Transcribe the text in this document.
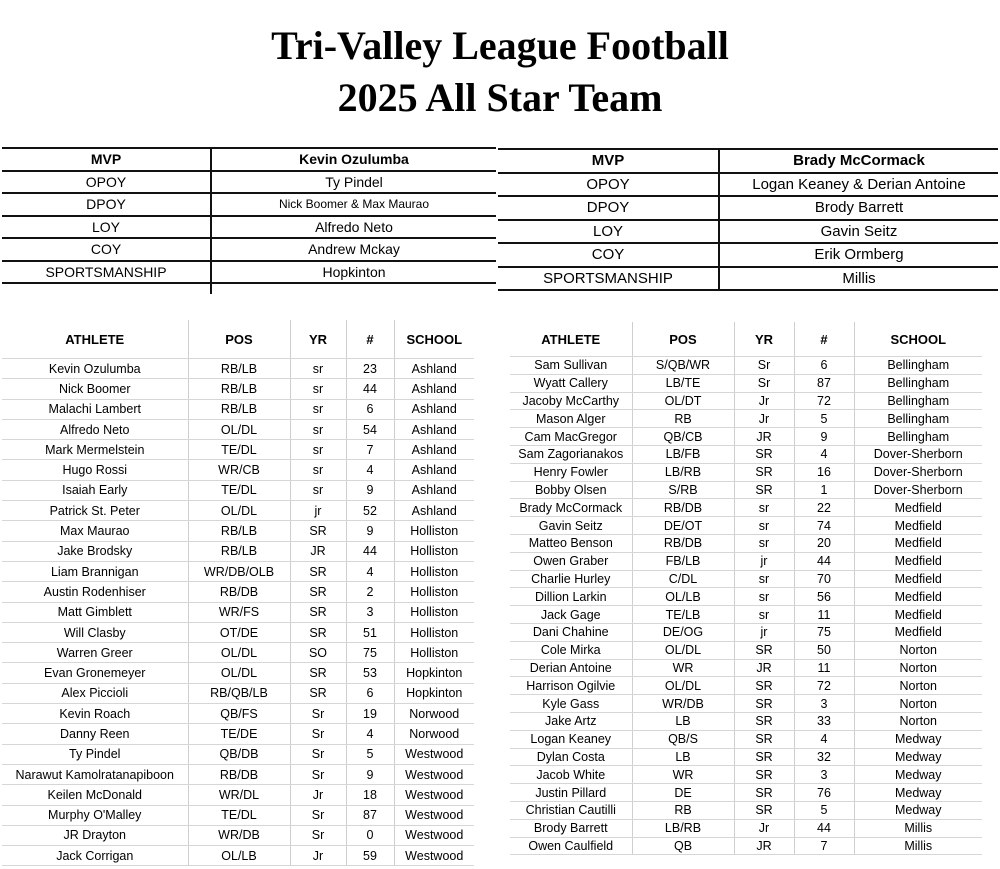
Tri-Valley League Football
2025 All Star Team
MVP	Kevin Ozulumba
OPOY	Ty Pindel
DPOY	Nick Boomer & Max Maurao
LOY	Alfredo Neto
COY	Andrew Mckay
SPORTSMANSHIP	Hopkinton
MVP	Brady McCormack
OPOY	Logan Keaney & Derian Antoine
DPOY	Brody Barrett
LOY	Gavin Seitz
COY	Erik Ormberg
SPORTSMANSHIP	Millis
ATHLETE	POS	YR	#	SCHOOL
Kevin Ozulumba	RB/LB	sr	23	Ashland
Nick Boomer	RB/LB	sr	44	Ashland
Malachi Lambert	RB/LB	sr	6	Ashland
Alfredo Neto	OL/DL	sr	54	Ashland
Mark Mermelstein	TE/DL	sr	7	Ashland
Hugo Rossi	WR/CB	sr	4	Ashland
Isaiah Early	TE/DL	sr	9	Ashland
Patrick St. Peter	OL/DL	jr	52	Ashland
Max Maurao	RB/LB	SR	9	Holliston
Jake Brodsky	RB/LB	JR	44	Holliston
Liam Brannigan	WR/DB/OLB	SR	4	Holliston
Austin Rodenhiser	RB/DB	SR	2	Holliston
Matt Gimblett	WR/FS	SR	3	Holliston
Will Clasby	OT/DE	SR	51	Holliston
Warren Greer	OL/DL	SO	75	Holliston
Evan Gronemeyer	OL/DL	SR	53	Hopkinton
Alex Piccioli	RB/QB/LB	SR	6	Hopkinton
Kevin Roach	QB/FS	Sr	19	Norwood
Danny Reen	TE/DE	Sr	4	Norwood
Ty Pindel	QB/DB	Sr	5	Westwood
Narawut Kamolratanapiboon	RB/DB	Sr	9	Westwood
Keilen McDonald	WR/DL	Jr	18	Westwood
Murphy O'Malley	TE/DL	Sr	87	Westwood
JR Drayton	WR/DB	Sr	0	Westwood
Jack Corrigan	OL/LB	Jr	59	Westwood
ATHLETE	POS	YR	#	SCHOOL
Sam Sullivan	S/QB/WR	Sr	6	Bellingham
Wyatt Callery	LB/TE	Sr	87	Bellingham
Jacoby McCarthy	OL/DT	Jr	72	Bellingham
Mason Alger	RB	Jr	5	Bellingham
Cam MacGregor	QB/CB	JR	9	Bellingham
Sam Zagorianakos	LB/FB	SR	4	Dover-Sherborn
Henry Fowler	LB/RB	SR	16	Dover-Sherborn
Bobby Olsen	S/RB	SR	1	Dover-Sherborn
Brady McCormack	RB/DB	sr	22	Medfield
Gavin Seitz	DE/OT	sr	74	Medfield
Matteo Benson	RB/DB	sr	20	Medfield
Owen Graber	FB/LB	jr	44	Medfield
Charlie Hurley	C/DL	sr	70	Medfield
Dillion Larkin	OL/LB	sr	56	Medfield
Jack Gage	TE/LB	sr	11	Medfield
Dani Chahine	DE/OG	jr	75	Medfield
Cole Mirka	OL/DL	SR	50	Norton
Derian Antoine	WR	JR	11	Norton
Harrison Ogilvie	OL/DL	SR	72	Norton
Kyle Gass	WR/DB	SR	3	Norton
Jake Artz	LB	SR	33	Norton
Logan Keaney	QB/S	SR	4	Medway
Dylan Costa	LB	SR	32	Medway
Jacob White	WR	SR	3	Medway
Justin Pillard	DE	SR	76	Medway
Christian Cautilli	RB	SR	5	Medway
Brody Barrett	LB/RB	Jr	44	Millis
Owen Caulfield	QB	JR	7	Millis
